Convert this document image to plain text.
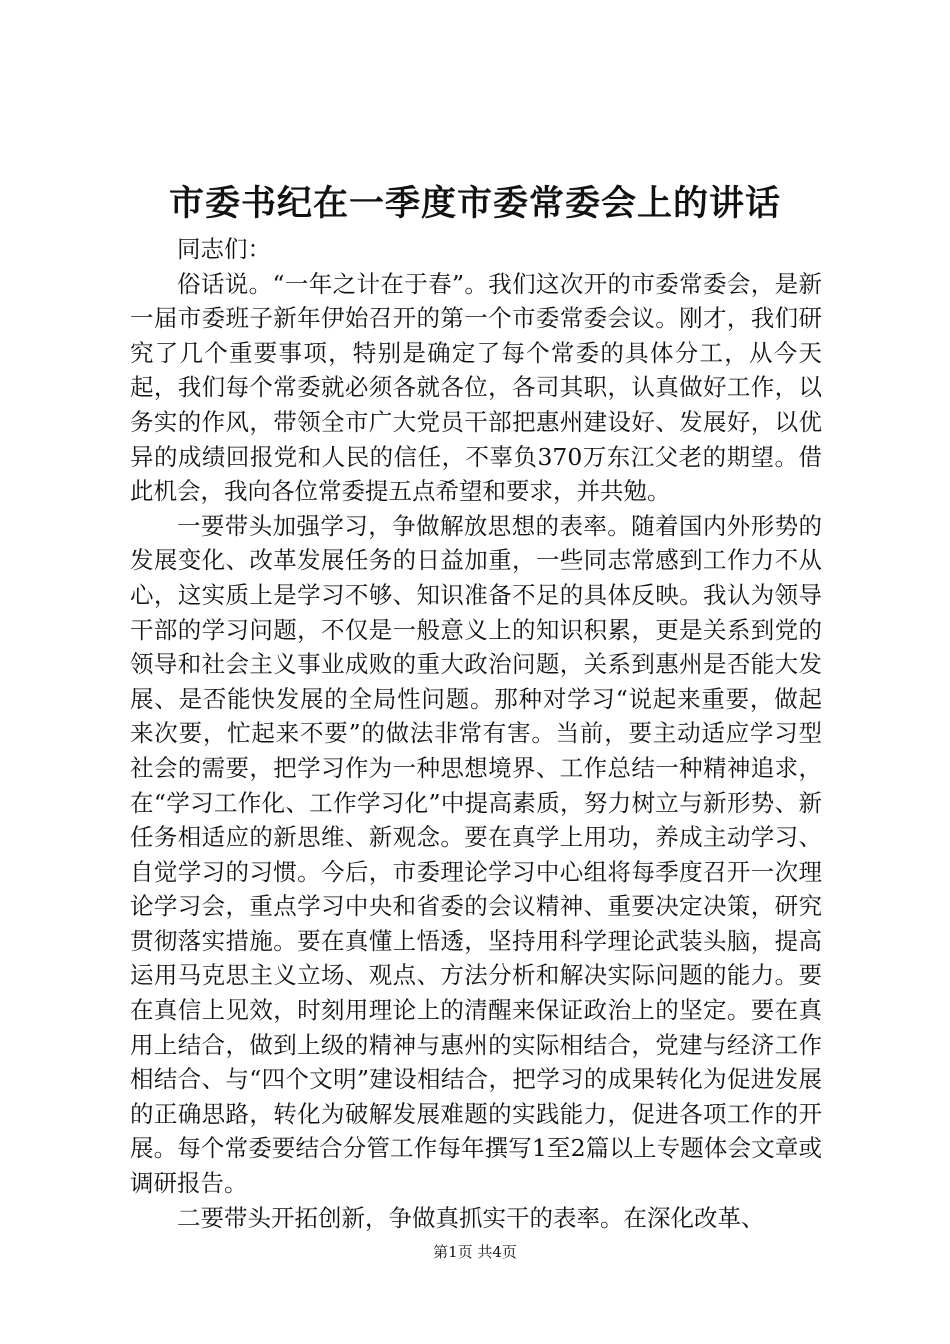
市委书纪在一季度市委常委会上的讲话

同志们：

俗话说。“一年之计在于春”。我们这次开的市委常委会，是新一届市委班子新年伊始召开的第一个市委常委会议。刚才，我们研究了几个重要事项，特别是确定了每个常委的具体分工，从今天起，我们每个常委就必须各就各位，各司其职，认真做好工作，以务实的作风，带领全市广大党员干部把惠州建设好、发展好，以优异的成绩回报党和人民的信任，不辜负370万东江父老的期望。借此机会，我向各位常委提五点希望和要求，并共勉。

一要带头加强学习，争做解放思想的表率。随着国内外形势的发展变化、改革发展任务的日益加重，一些同志常感到工作力不从心，这实质上是学习不够、知识准备不足的具体反映。我认为领导干部的学习问题，不仅是一般意义上的知识积累，更是关系到党的领导和社会主义事业成败的重大政治问题，关系到惠州是否能大发展、是否能快发展的全局性问题。那种对学习“说起来重要，做起来次要，忙起来不要”的做法非常有害。当前，要主动适应学习型社会的需要，把学习作为一种思想境界、工作总结一种精神追求，在“学习工作化、工作学习化”中提高素质，努力树立与新形势、新任务相适应的新思维、新观念。要在真学上用功，养成主动学习、自觉学习的习惯。今后，市委理论学习中心组将每季度召开一次理论学习会，重点学习中央和省委的会议精神、重要决定决策，研究贯彻落实措施。要在真懂上悟透，坚持用科学理论武装头脑，提高运用马克思主义立场、观点、方法分析和解决实际问题的能力。要在真信上见效，时刻用理论上的清醒来保证政治上的坚定。要在真用上结合，做到上级的精神与惠州的实际相结合，党建与经济工作相结合、与“四个文明”建设相结合，把学习的成果转化为促进发展的正确思路，转化为破解发展难题的实践能力，促进各项工作的开展。每个常委要结合分管工作每年撰写1至2篇以上专题体会文章或调研报告。

二要带头开拓创新，争做真抓实干的表率。在深化改革、

第1页 共4页
